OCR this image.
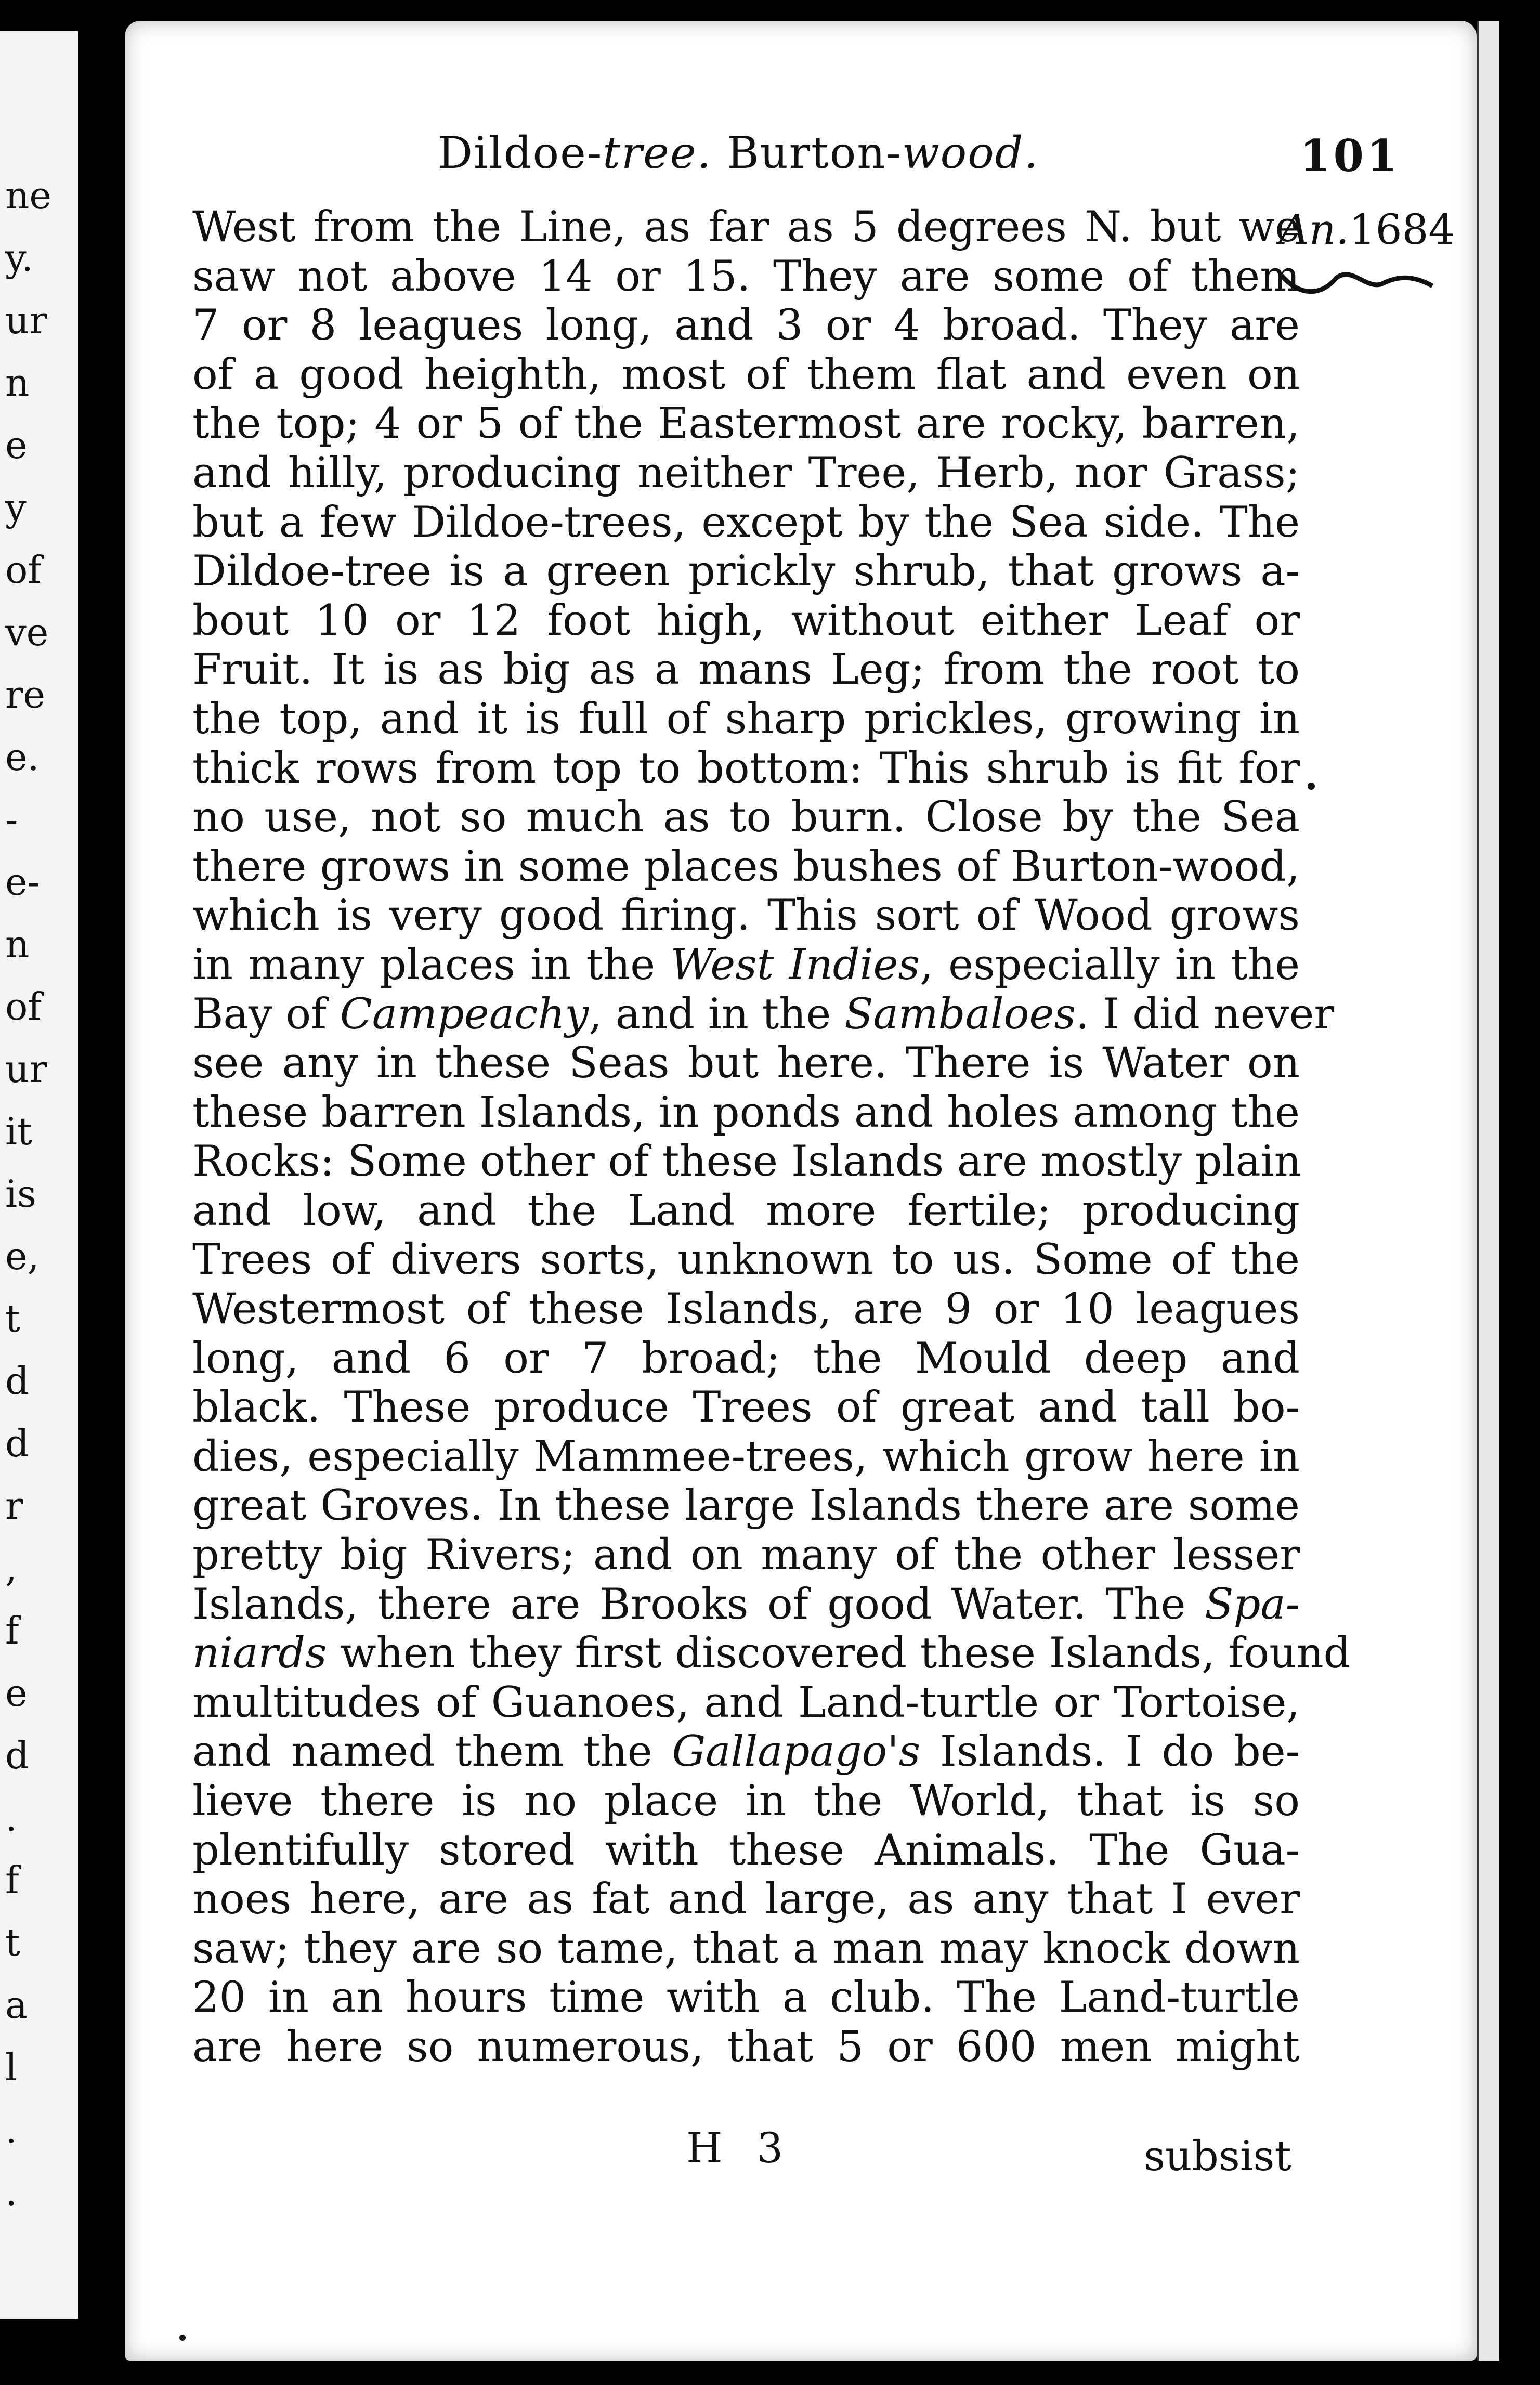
ne
y.
ur
n
e
y
of
ve
re
e.
-
e-
n
of
ur
it
is
e,
t
d
d
r
,
f
e
d
.
f
t
a
l
.
.
Dildoe-tree. Burton-wood.	101
An.1684
West from the Line, as far as 5 degrees N. but we
saw not above 14 or 15. They are some of them
7 or 8 leagues long, and 3 or 4 broad. They are
of a good heighth, most of them flat and even on
the top; 4 or 5 of the Eastermost are rocky, barren,
and hilly, producing neither Tree, Herb, nor Grass;
but a few Dildoe-trees, except by the Sea side. The
Dildoe-tree is a green prickly shrub, that grows a-
bout 10 or 12 foot high, without either Leaf or
Fruit. It is as big as a mans Leg; from the root to
the top, and it is full of sharp prickles, growing in
thick rows from top to bottom: This shrub is fit for
no use, not so much as to burn. Close by the Sea
there grows in some places bushes of Burton-wood,
which is very good firing. This sort of Wood grows
in many places in the West Indies, especially in the
Bay of Campeachy, and in the Sambaloes. I did never
see any in these Seas but here. There is Water on
these barren Islands, in ponds and holes among the
Rocks: Some other of these Islands are mostly plain
and low, and the Land more fertile; producing
Trees of divers sorts, unknown to us. Some of the
Westermost of these Islands, are 9 or 10 leagues
long, and 6 or 7 broad; the Mould deep and
black. These produce Trees of great and tall bo-
dies, especially Mammee-trees, which grow here in
great Groves. In these large Islands there are some
pretty big Rivers; and on many of the other lesser
Islands, there are Brooks of good Water. The Spa-
niards when they first discovered these Islands, found
multitudes of Guanoes, and Land-turtle or Tortoise,
and named them the Gallapago's Islands. I do be-
lieve there is no place in the World, that is so
plentifully stored with these Animals. The Gua-
noes here, are as fat and large, as any that I ever
saw; they are so tame, that a man may knock down
20 in an hours time with a club. The Land-turtle
are here so numerous, that 5 or 600 men might
H 3	subsist
